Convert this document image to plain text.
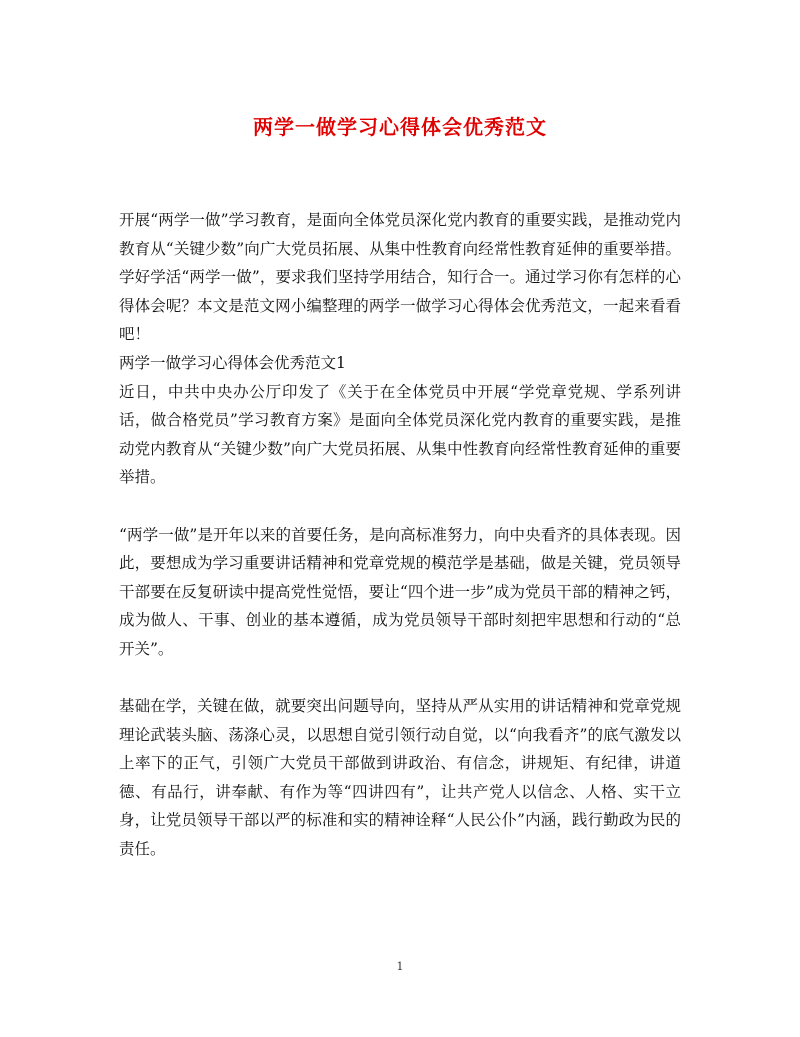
两学一做学习心得体会优秀范文

开展“两学一做”学习教育，是面向全体党员深化党内教育的重要实践，是推动党内教育从“关键少数”向广大党员拓展、从集中性教育向经常性教育延伸的重要举措。学好学活“两学一做”，要求我们坚持学用结合，知行合一。通过学习你有怎样的心得体会呢？本文是范文网小编整理的两学一做学习心得体会优秀范文，一起来看看吧！

两学一做学习心得体会优秀范文1

近日，中共中央办公厅印发了《关于在全体党员中开展“学党章党规、学系列讲话，做合格党员”学习教育方案》是面向全体党员深化党内教育的重要实践，是推动党内教育从“关键少数”向广大党员拓展、从集中性教育向经常性教育延伸的重要举措。

“两学一做”是开年以来的首要任务，是向高标准努力，向中央看齐的具体表现。因此，要想成为学习重要讲话精神和党章党规的模范学是基础，做是关键，党员领导干部要在反复研读中提高党性觉悟，要让“四个进一步”成为党员干部的精神之钙，成为做人、干事、创业的基本遵循，成为党员领导干部时刻把牢思想和行动的“总开关”。

基础在学，关键在做，就要突出问题导向，坚持从严从实用的讲话精神和党章党规理论武装头脑、荡涤心灵，以思想自觉引领行动自觉，以“向我看齐”的底气激发以上率下的正气，引领广大党员干部做到讲政治、有信念，讲规矩、有纪律，讲道德、有品行，讲奉献、有作为等“四讲四有”，让共产党人以信念、人格、实干立身，让党员领导干部以严的标准和实的精神诠释“人民公仆”内涵，践行勤政为民的责任。

1
